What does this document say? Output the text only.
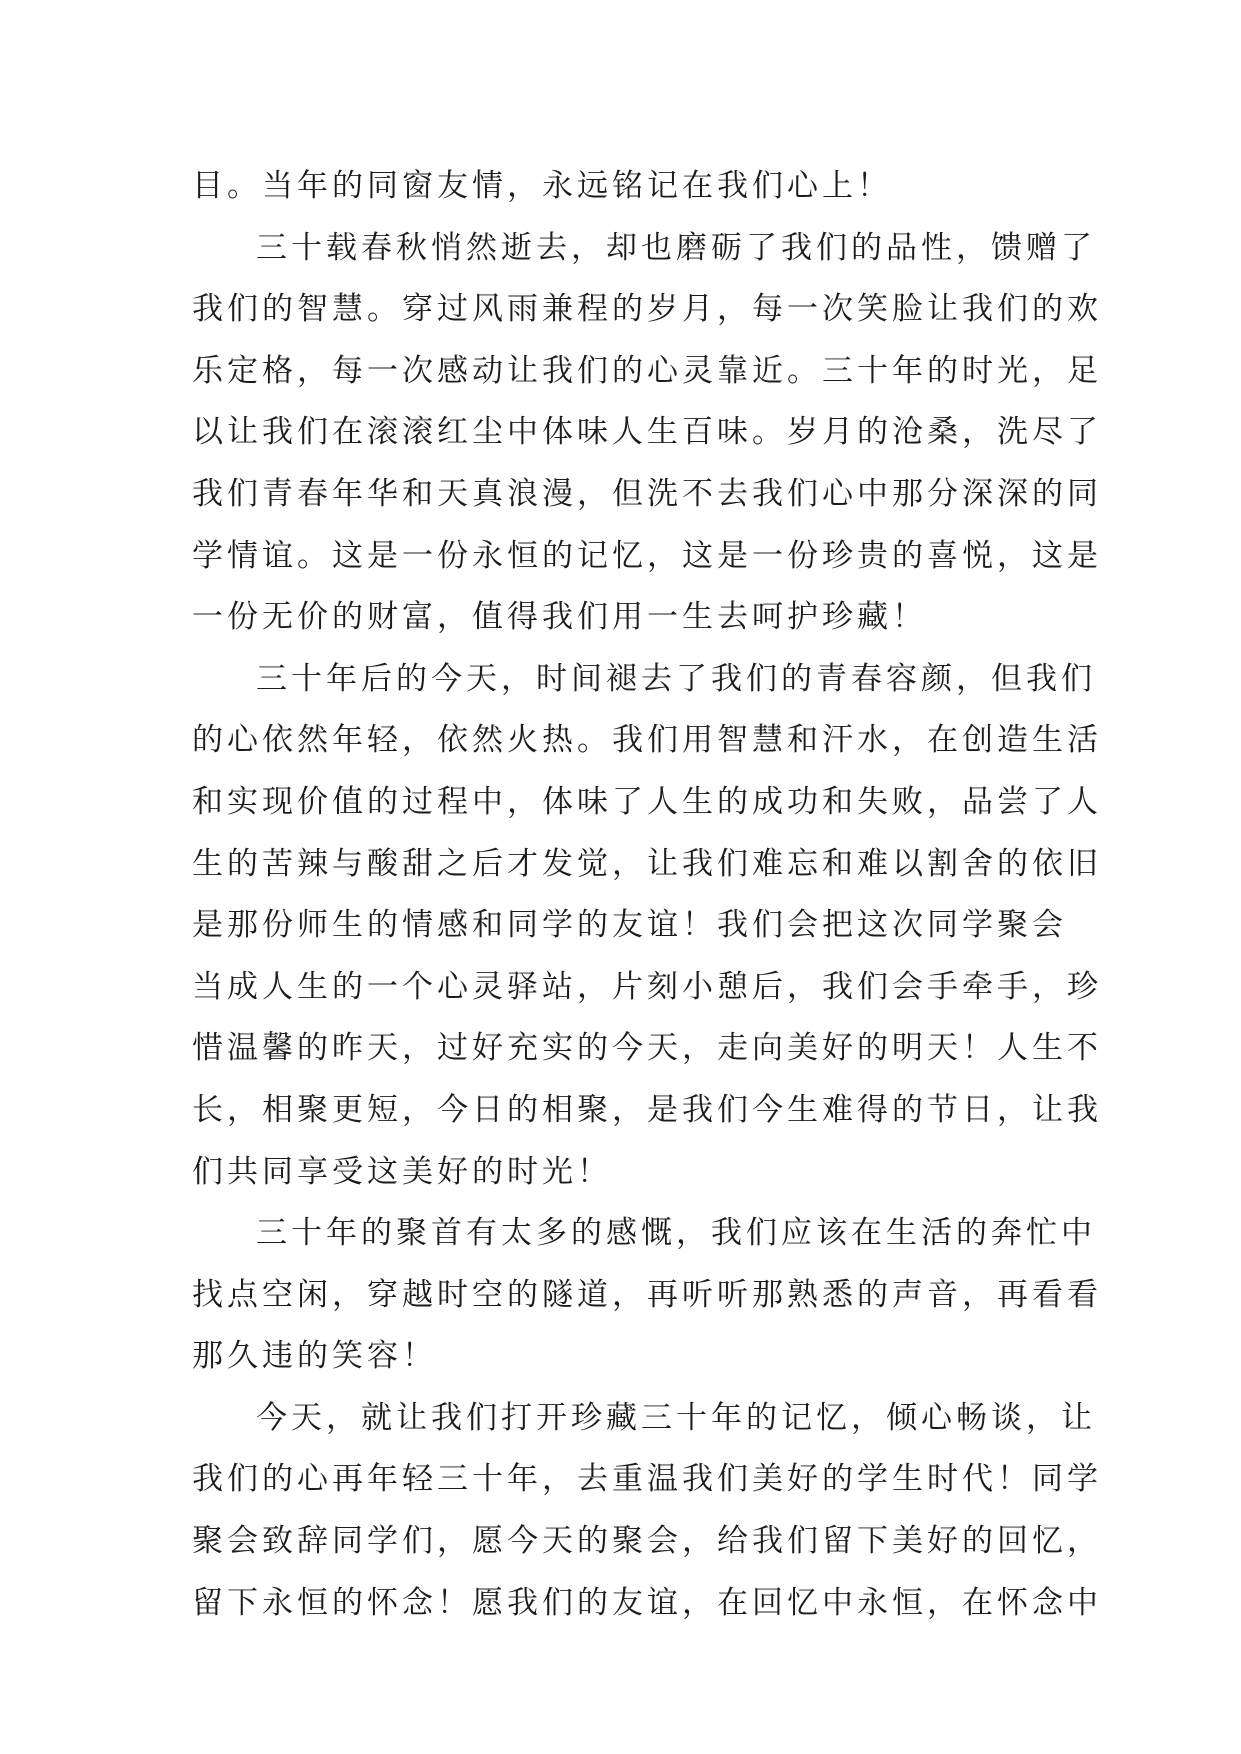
目。当年的同窗友情，永远铭记在我们心上！
三十载春秋悄然逝去，却也磨砺了我们的品性，馈赠了
我们的智慧。穿过风雨兼程的岁月，每一次笑脸让我们的欢
乐定格，每一次感动让我们的心灵靠近。三十年的时光，足
以让我们在滚滚红尘中体味人生百味。岁月的沧桑，洗尽了
我们青春年华和天真浪漫，但洗不去我们心中那分深深的同
学情谊。这是一份永恒的记忆，这是一份珍贵的喜悦，这是
一份无价的财富，值得我们用一生去呵护珍藏！
三十年后的今天，时间褪去了我们的青春容颜，但我们
的心依然年轻，依然火热。我们用智慧和汗水，在创造生活
和实现价值的过程中，体味了人生的成功和失败，品尝了人
生的苦辣与酸甜之后才发觉，让我们难忘和难以割舍的依旧
是那份师生的情感和同学的友谊！我们会把这次同学聚会
当成人生的一个心灵驿站，片刻小憩后，我们会手牵手，珍
惜温馨的昨天，过好充实的今天，走向美好的明天！人生不
长，相聚更短，今日的相聚，是我们今生难得的节日，让我
们共同享受这美好的时光！
三十年的聚首有太多的感慨，我们应该在生活的奔忙中
找点空闲，穿越时空的隧道，再听听那熟悉的声音，再看看
那久违的笑容！
今天，就让我们打开珍藏三十年的记忆，倾心畅谈，让
我们的心再年轻三十年，去重温我们美好的学生时代！同学
聚会致辞同学们，愿今天的聚会，给我们留下美好的回忆，
留下永恒的怀念！愿我们的友谊，在回忆中永恒，在怀念中
